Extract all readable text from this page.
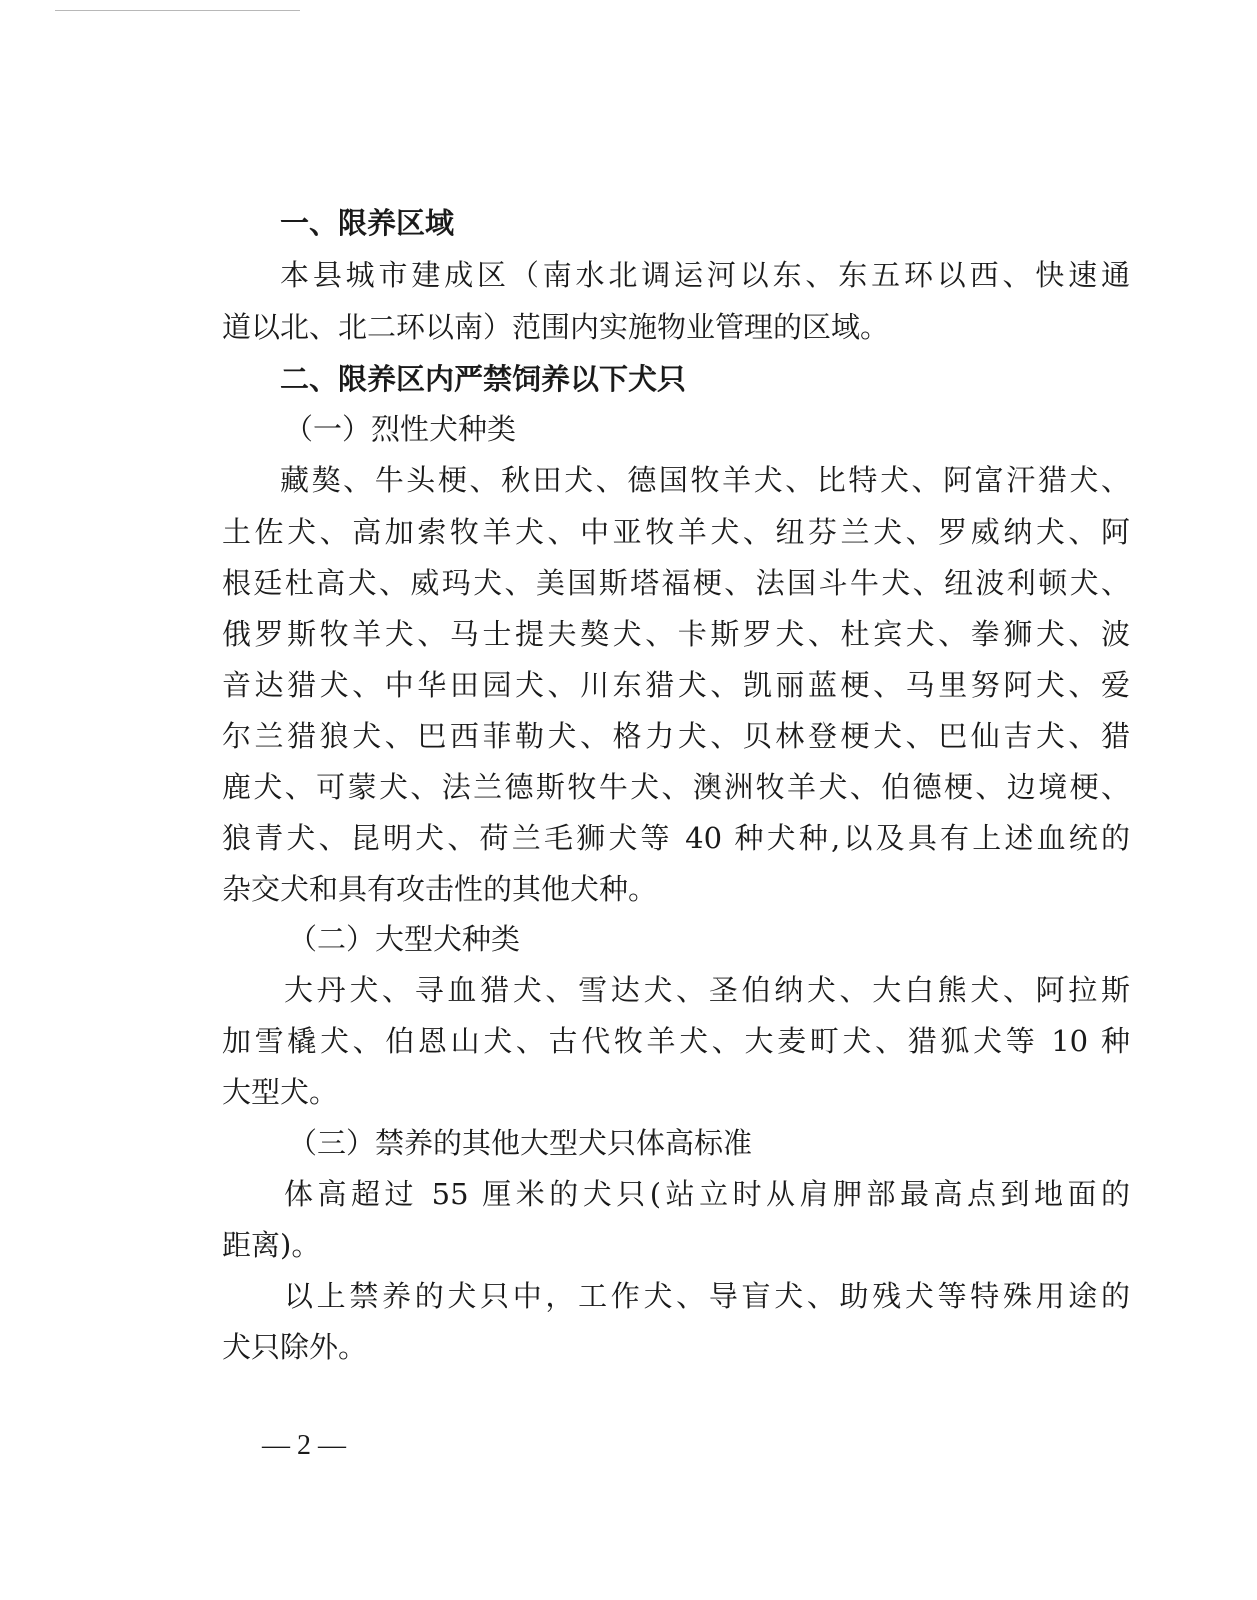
一、限养区域
本县城市建成区（南水北调运河以东、东五环以西、快速通
道以北、北二环以南）范围内实施物业管理的区域。
二、限养区内严禁饲养以下犬只
（一）烈性犬种类
藏獒、牛头梗、秋田犬、德国牧羊犬、比特犬、阿富汗猎犬、
土佐犬、高加索牧羊犬、中亚牧羊犬、纽芬兰犬、罗威纳犬、阿
根廷杜高犬、威玛犬、美国斯塔福梗、法国斗牛犬、纽波利顿犬、
俄罗斯牧羊犬、马士提夫獒犬、卡斯罗犬、杜宾犬、拳狮犬、波
音达猎犬、中华田园犬、川东猎犬、凯丽蓝梗、马里努阿犬、爱
尔兰猎狼犬、巴西菲勒犬、格力犬、贝林登梗犬、巴仙吉犬、猎
鹿犬、可蒙犬、法兰德斯牧牛犬、澳洲牧羊犬、伯德梗、边境梗、
狼青犬、昆明犬、荷兰毛狮犬等 40 种犬种,以及具有上述血统的
杂交犬和具有攻击性的其他犬种。
（二）大型犬种类
大丹犬、寻血猎犬、雪达犬、圣伯纳犬、大白熊犬、阿拉斯
加雪橇犬、伯恩山犬、古代牧羊犬、大麦町犬、猎狐犬等 10 种
大型犬。
（三）禁养的其他大型犬只体高标准
体高超过 55 厘米的犬只(站立时从肩胛部最高点到地面的
距离)。
以上禁养的犬只中，工作犬、导盲犬、助残犬等特殊用途的
犬只除外。
— 2 —
